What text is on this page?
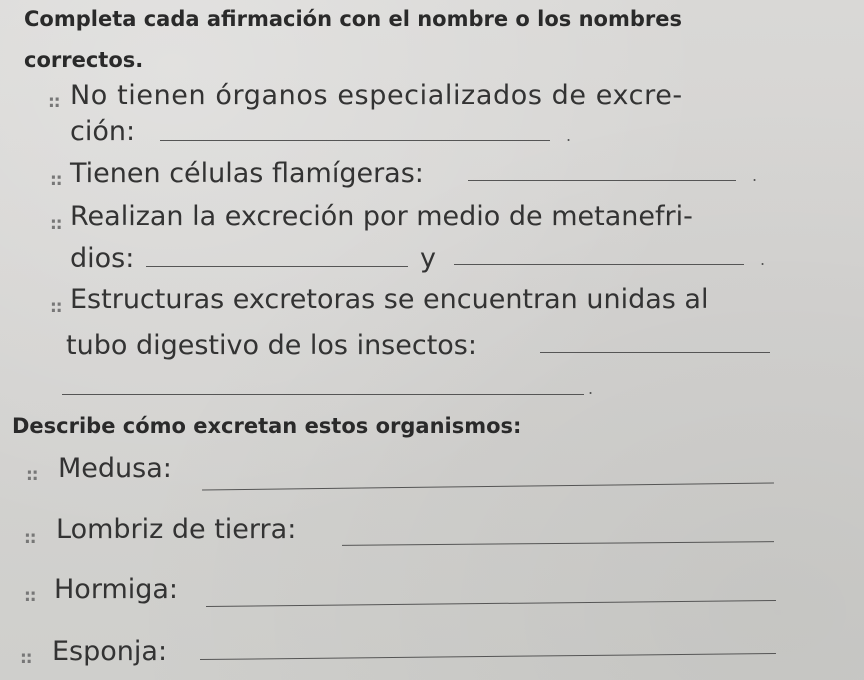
Completa cada afirmación con el nombre o los nombres

correctos.

:: No tienen órganos especializados de excre-
ción:	.
:: Tienen células flamígeras:	.
:: Realizan la excreción por medio de metanefri-
dios:	y	.
:: Estructuras excretoras se encuentran unidas al
tubo digestivo de los insectos:
.

Describe cómo excretan estos organismos:

:: Medusa:
:: Lombriz de tierra:
:: Hormiga:
:: Esponja:
